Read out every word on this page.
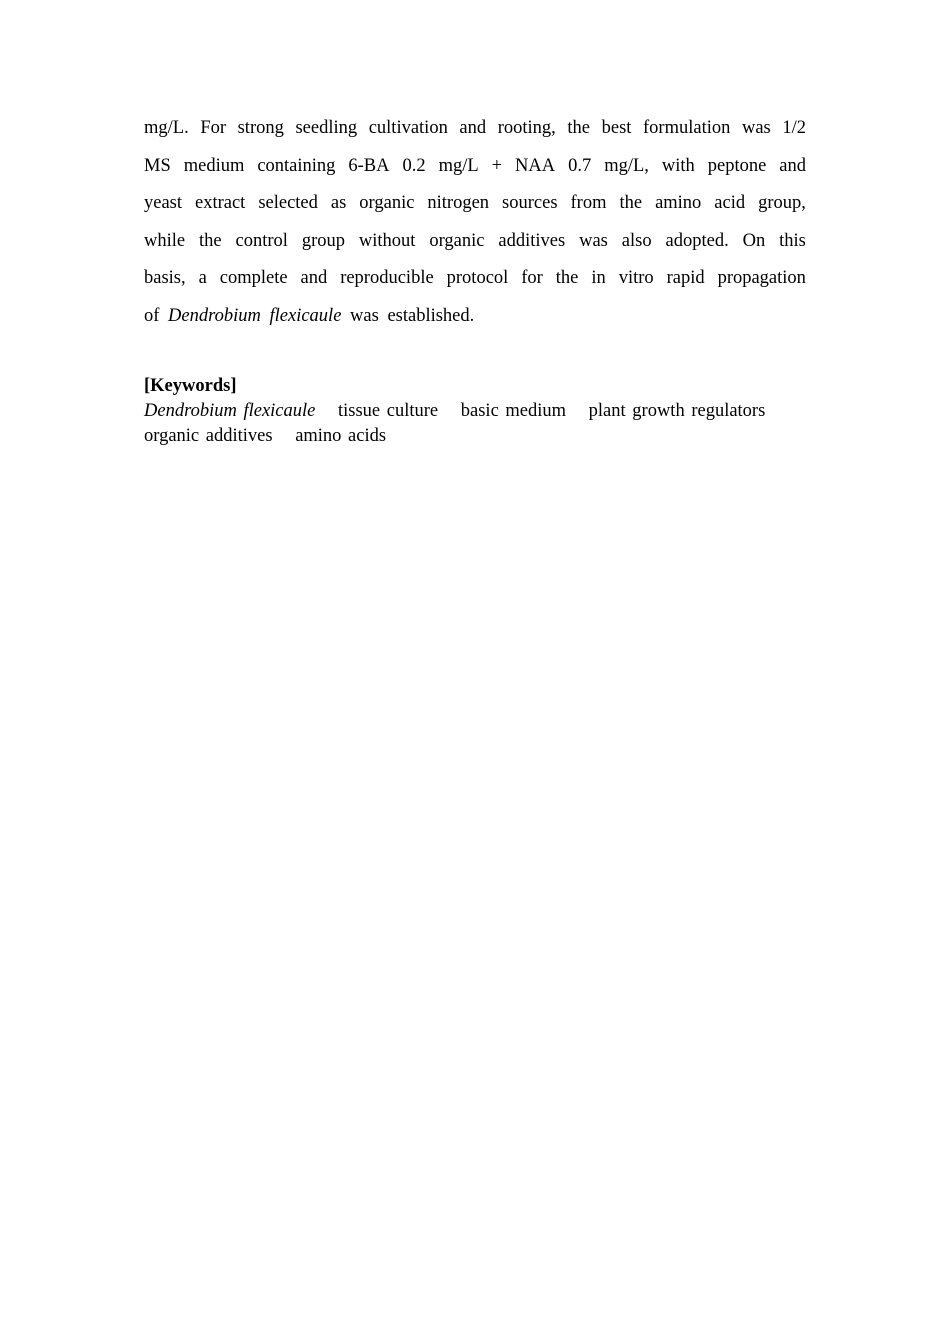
mg/L. For strong seedling cultivation and rooting, the best formulation was 1/2
MS medium containing 6-BA 0.2 mg/L + NAA 0.7 mg/L, with peptone and
yeast extract selected as organic nitrogen sources from the amino acid group,
while the control group without organic additives was also adopted. On this
basis, a complete and reproducible protocol for the in vitro rapid propagation
of Dendrobium flexicaule was established.
[Keywords]
Dendrobium flexicaule tissue culture basic medium plant growth regulators
organic additives amino acids
